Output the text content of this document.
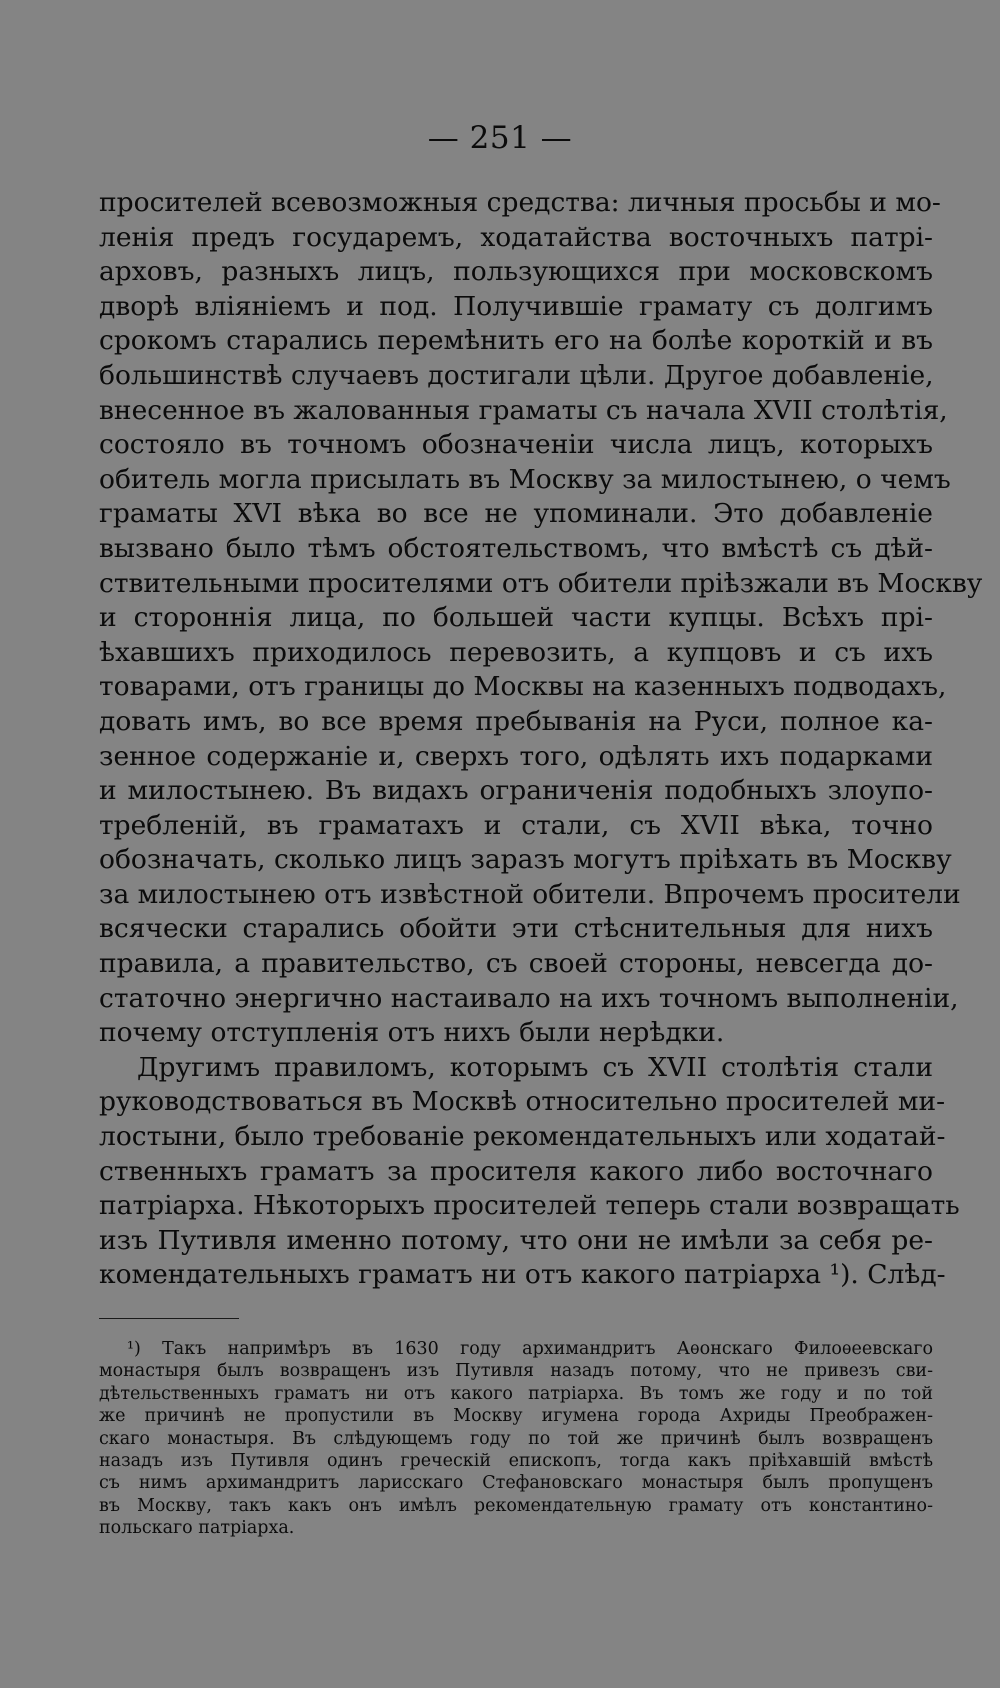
— 251 —
просителей всевозможныя средства: личныя просьбы и мо-
ленія предъ государемъ, ходатайства восточныхъ патрі-
арховъ, разныхъ лицъ, пользующихся при московскомъ
дворѣ вліяніемъ и под. Получившіе грамату съ долгимъ
срокомъ старались перемѣнить его на болѣе короткій и въ
большинствѣ случаевъ достигали цѣли. Другое добавленіе,
внесенное въ жалованныя граматы съ начала XVII столѣтія,
состояло въ точномъ обозначеніи числа лицъ, которыхъ
обитель могла присылать въ Москву за милостынею, о чемъ
граматы XVI вѣка во все не упоминали. Это добавленіе
вызвано было тѣмъ обстоятельствомъ, что вмѣстѣ съ дѣй-
ствительными просителями отъ обители пріѣзжали въ Москву
и стороннія лица, по большей части купцы. Всѣхъ прі-
ѣхавшихъ приходилось перевозить, а купцовъ и съ ихъ
товарами, отъ границы до Москвы на казенныхъ подводахъ,
довать имъ, во все время пребыванія на Руси, полное ка-
зенное содержаніе и, сверхъ того, одѣлять ихъ подарками
и милостынею. Въ видахъ ограниченія подобныхъ злоупо-
требленій, въ граматахъ и стали, съ XVII вѣка, точно
обозначать, сколько лицъ заразъ могутъ пріѣхать въ Москву
за милостынею отъ извѣстной обители. Впрочемъ просители
всячески старались обойти эти стѣснительныя для нихъ
правила, а правительство, съ своей стороны, невсегда до-
статочно энергично настаивало на ихъ точномъ выполненіи,
почему отступленія отъ нихъ были нерѣдки.
Другимъ правиломъ, которымъ съ XVII столѣтія стали
руководствоваться въ Москвѣ относительно просителей ми-
лостыни, было требованіе рекомендательныхъ или ходатай-
ственныхъ граматъ за просителя какого либо восточнаго
патріарха. Нѣкоторыхъ просителей теперь стали возвращать
изъ Путивля именно потому, что они не имѣли за себя ре-
комендательныхъ граматъ ни отъ какого патріарха ¹). Слѣд-
¹) Такъ напримѣръ въ 1630 году архимандритъ Аѳонскаго Филоѳеевскаго
монастыря былъ возвращенъ изъ Путивля назадъ потому, что не привезъ сви-
дѣтельственныхъ граматъ ни отъ какого патріарха. Въ томъ же году и по той
же причинѣ не пропустили въ Москву игумена города Ахриды Преображен-
скаго монастыря. Въ слѣдующемъ году по той же причинѣ былъ возвращенъ
назадъ изъ Путивля одинъ греческій епископъ, тогда какъ пріѣхавшій вмѣстѣ
съ нимъ архимандритъ ларисскаго Стефановскаго монастыря былъ пропущенъ
въ Москву, такъ какъ онъ имѣлъ рекомендательную грамату отъ константино-
польскаго патріарха.
